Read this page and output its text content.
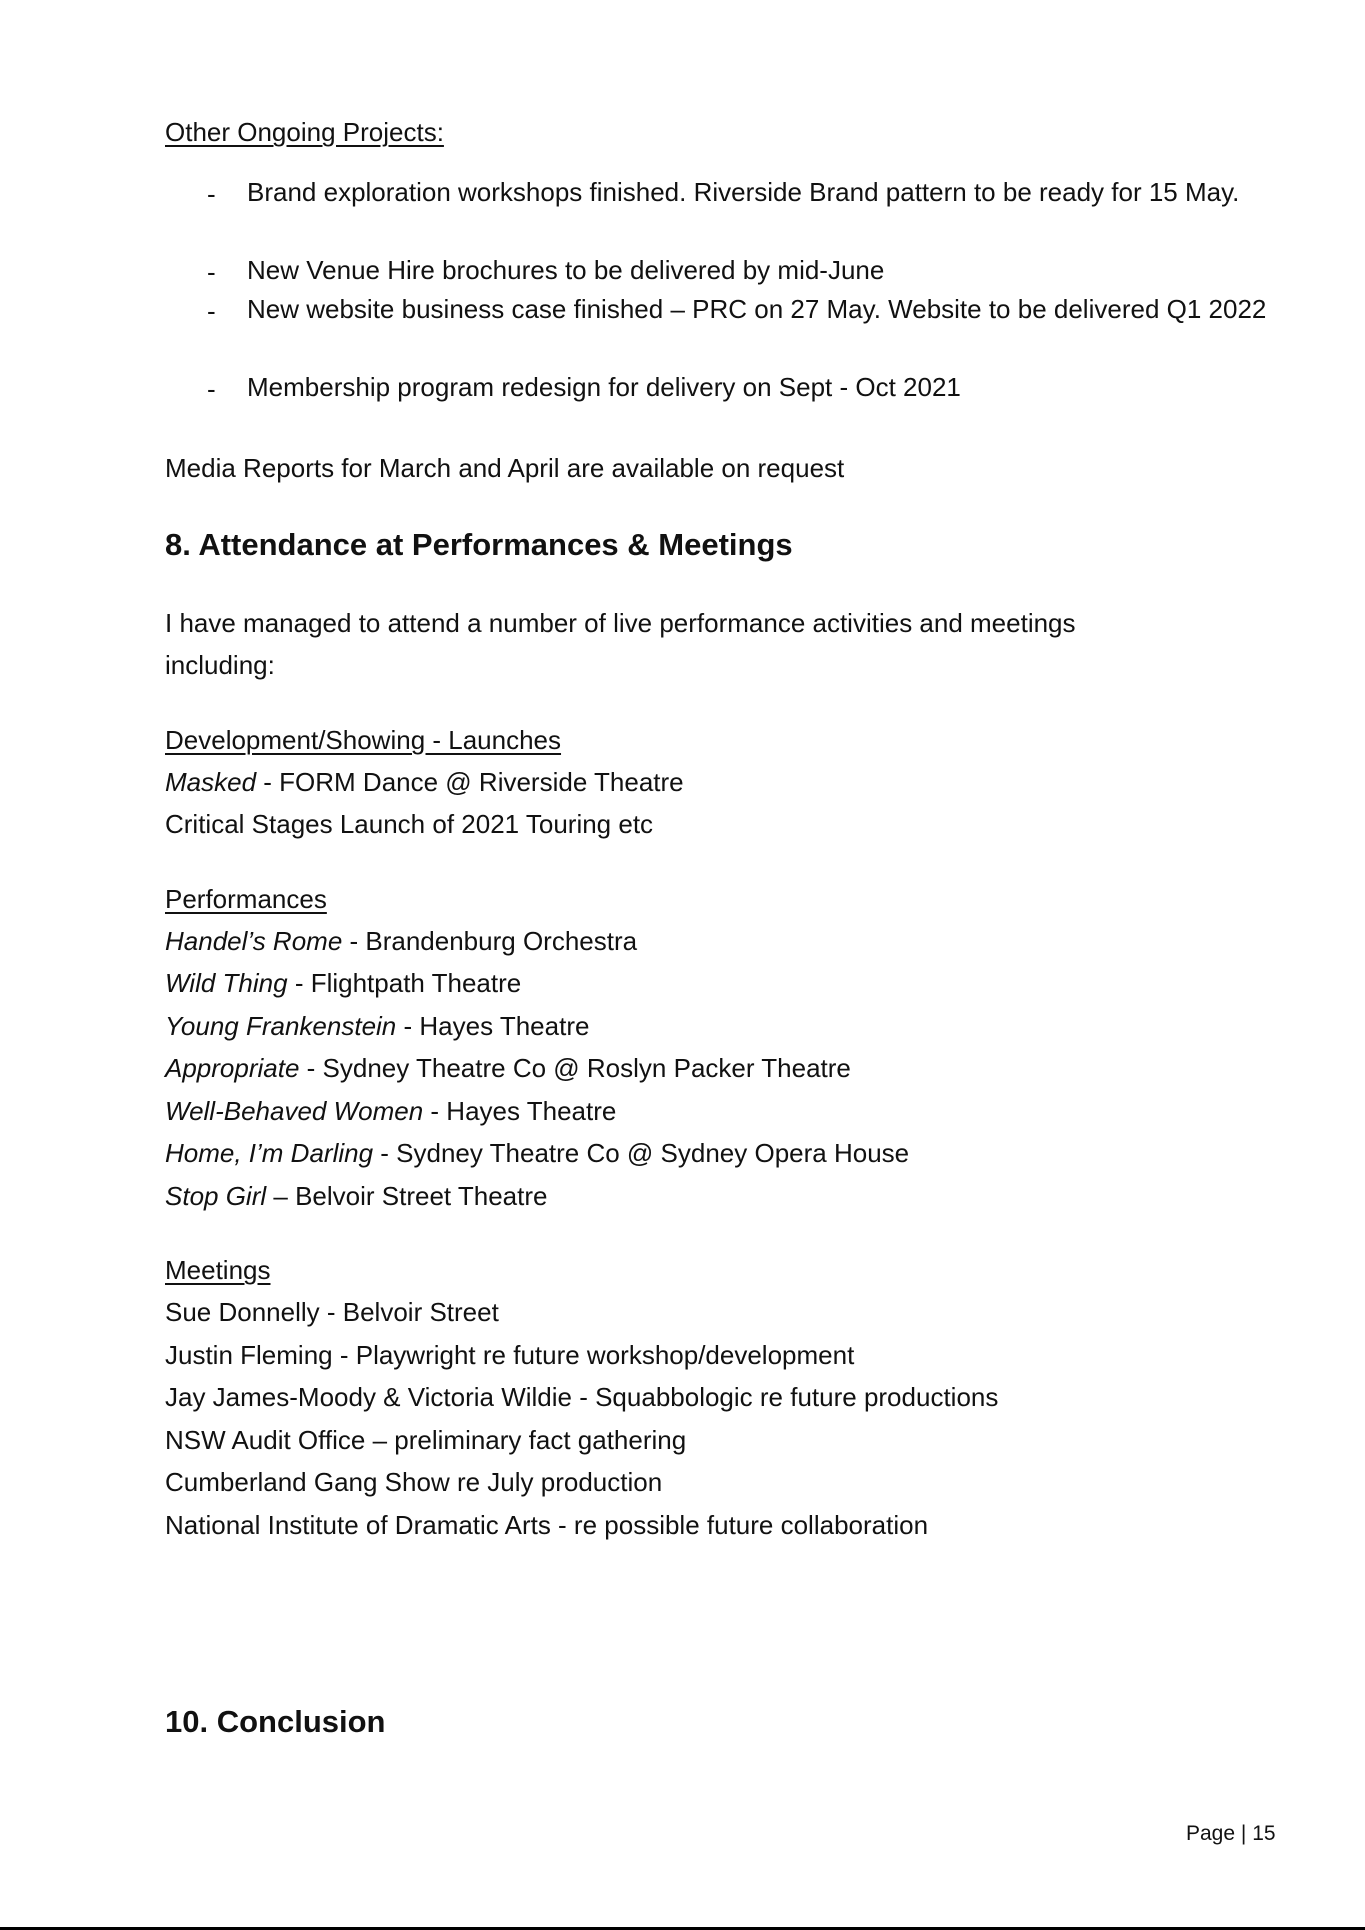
Other Ongoing Projects:
- Brand exploration workshops finished. Riverside Brand pattern to be ready for 15 May.
- New Venue Hire brochures to be delivered by mid-June
- New website business case finished – PRC on 27 May. Website to be delivered Q1 2022
- Membership program redesign for delivery on Sept - Oct 2021
Media Reports for March and April are available on request
8. Attendance at Performances & Meetings
I have managed to attend a number of live performance activities and meetings
including:
Development/Showing - Launches
Masked - FORM Dance @ Riverside Theatre
Critical Stages Launch of 2021 Touring etc
Performances
Handel’s Rome - Brandenburg Orchestra
Wild Thing - Flightpath Theatre
Young Frankenstein - Hayes Theatre
Appropriate - Sydney Theatre Co @ Roslyn Packer Theatre
Well-Behaved Women - Hayes Theatre
Home, I’m Darling - Sydney Theatre Co @ Sydney Opera House
Stop Girl – Belvoir Street Theatre
Meetings
Sue Donnelly - Belvoir Street
Justin Fleming - Playwright re future workshop/development
Jay James-Moody & Victoria Wildie - Squabbologic re future productions
NSW Audit Office – preliminary fact gathering
Cumberland Gang Show re July production
National Institute of Dramatic Arts - re possible future collaboration
10. Conclusion
Page | 15
